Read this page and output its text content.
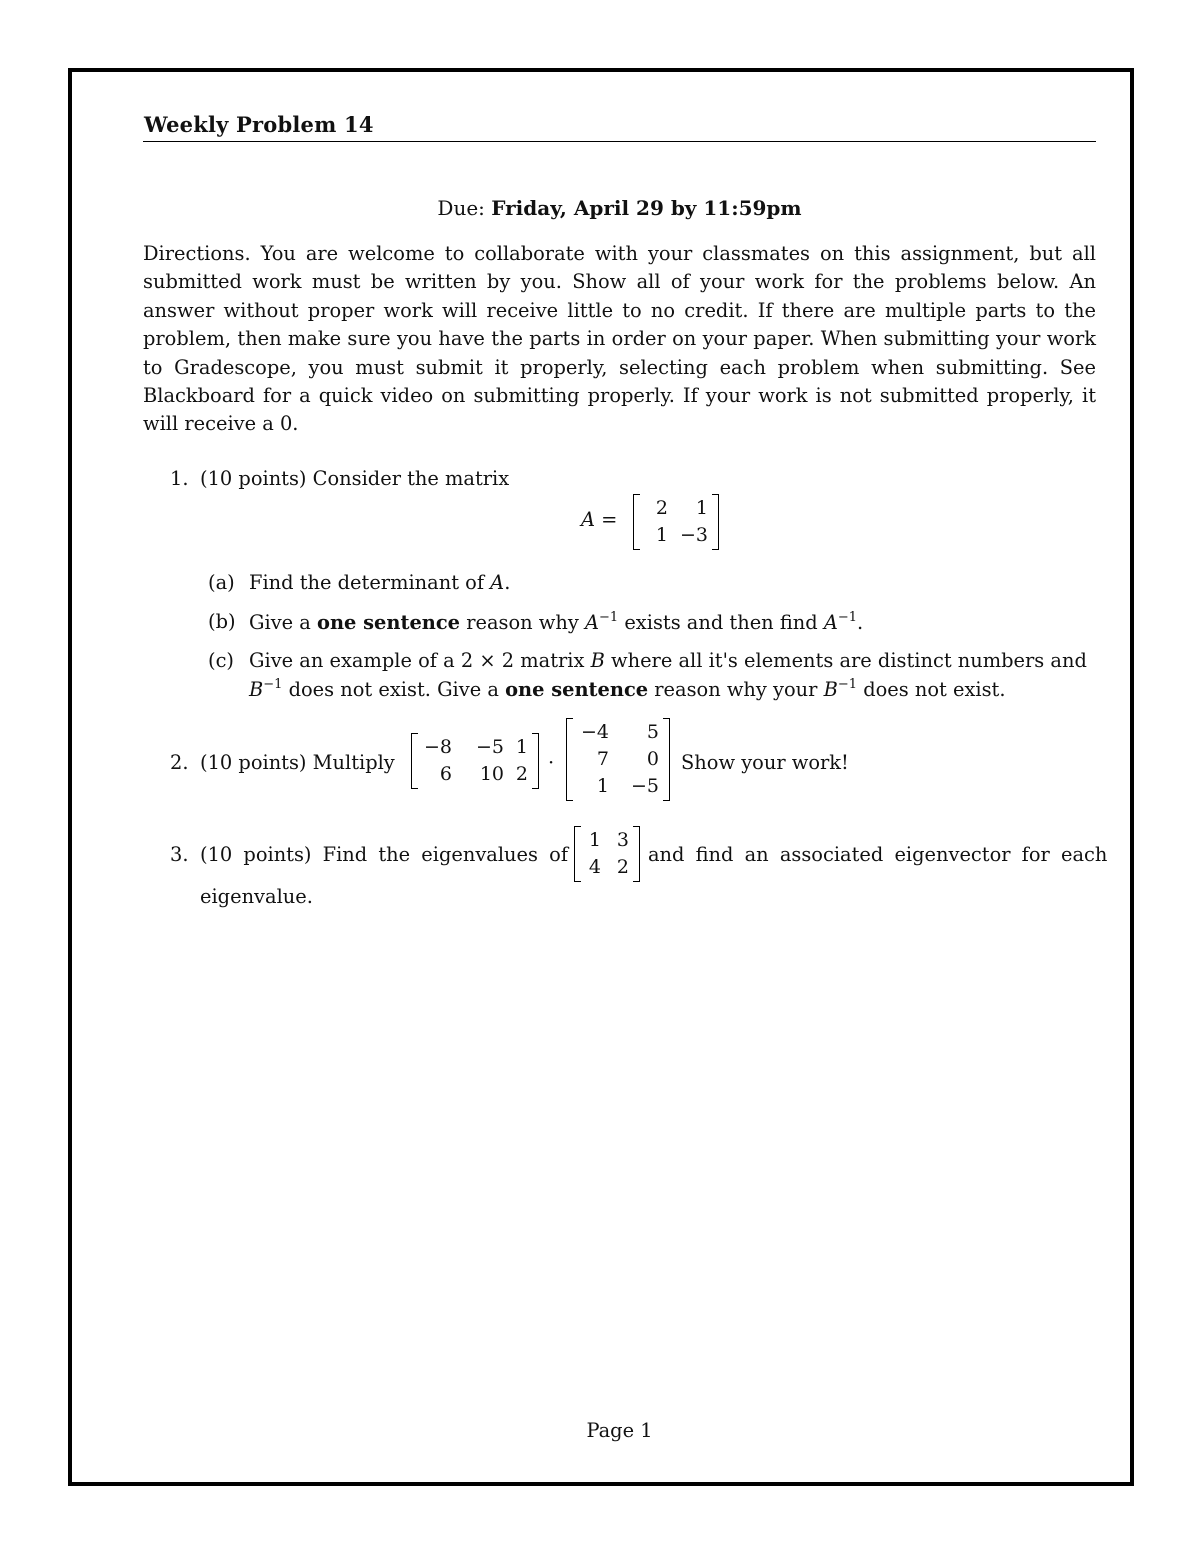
Weekly Problem 14
Due: Friday, April 29 by 11:59pm
Directions. You are welcome to collaborate with your classmates on this assignment, but all submitted work must be written by you. Show all of your work for the problems below. An answer without proper work will receive little to no credit. If there are multiple parts to the problem, then make sure you have the parts in order on your paper. When submitting your work to Gradescope, you must submit it properly, selecting each problem when submitting. See Blackboard for a quick video on submitting properly. If your work is not submitted properly, it will receive a 0.
1. (10 points) Consider the matrix
A =	2	1
1 −3
(a) Find the determinant of A.
(b) Give a one sentence reason why $A^{-1}$ exists and then find $A^{-1}$.
(c) Give an example of a 2 × 2 matrix B where all it's elements are distinct numbers and
$B^{-1}$ does not exist. Give a one sentence reason why your $B^{-1}$ does not exist.
2. (10 points) Multiply
−8	−5 1
6	10 2 ·
−4	5
7	0
1	−5
Show your work!
3. (10 points) Find the eigenvalues of
1 3
4 2
and find an associated eigenvector for each
eigenvalue.
Page 1
